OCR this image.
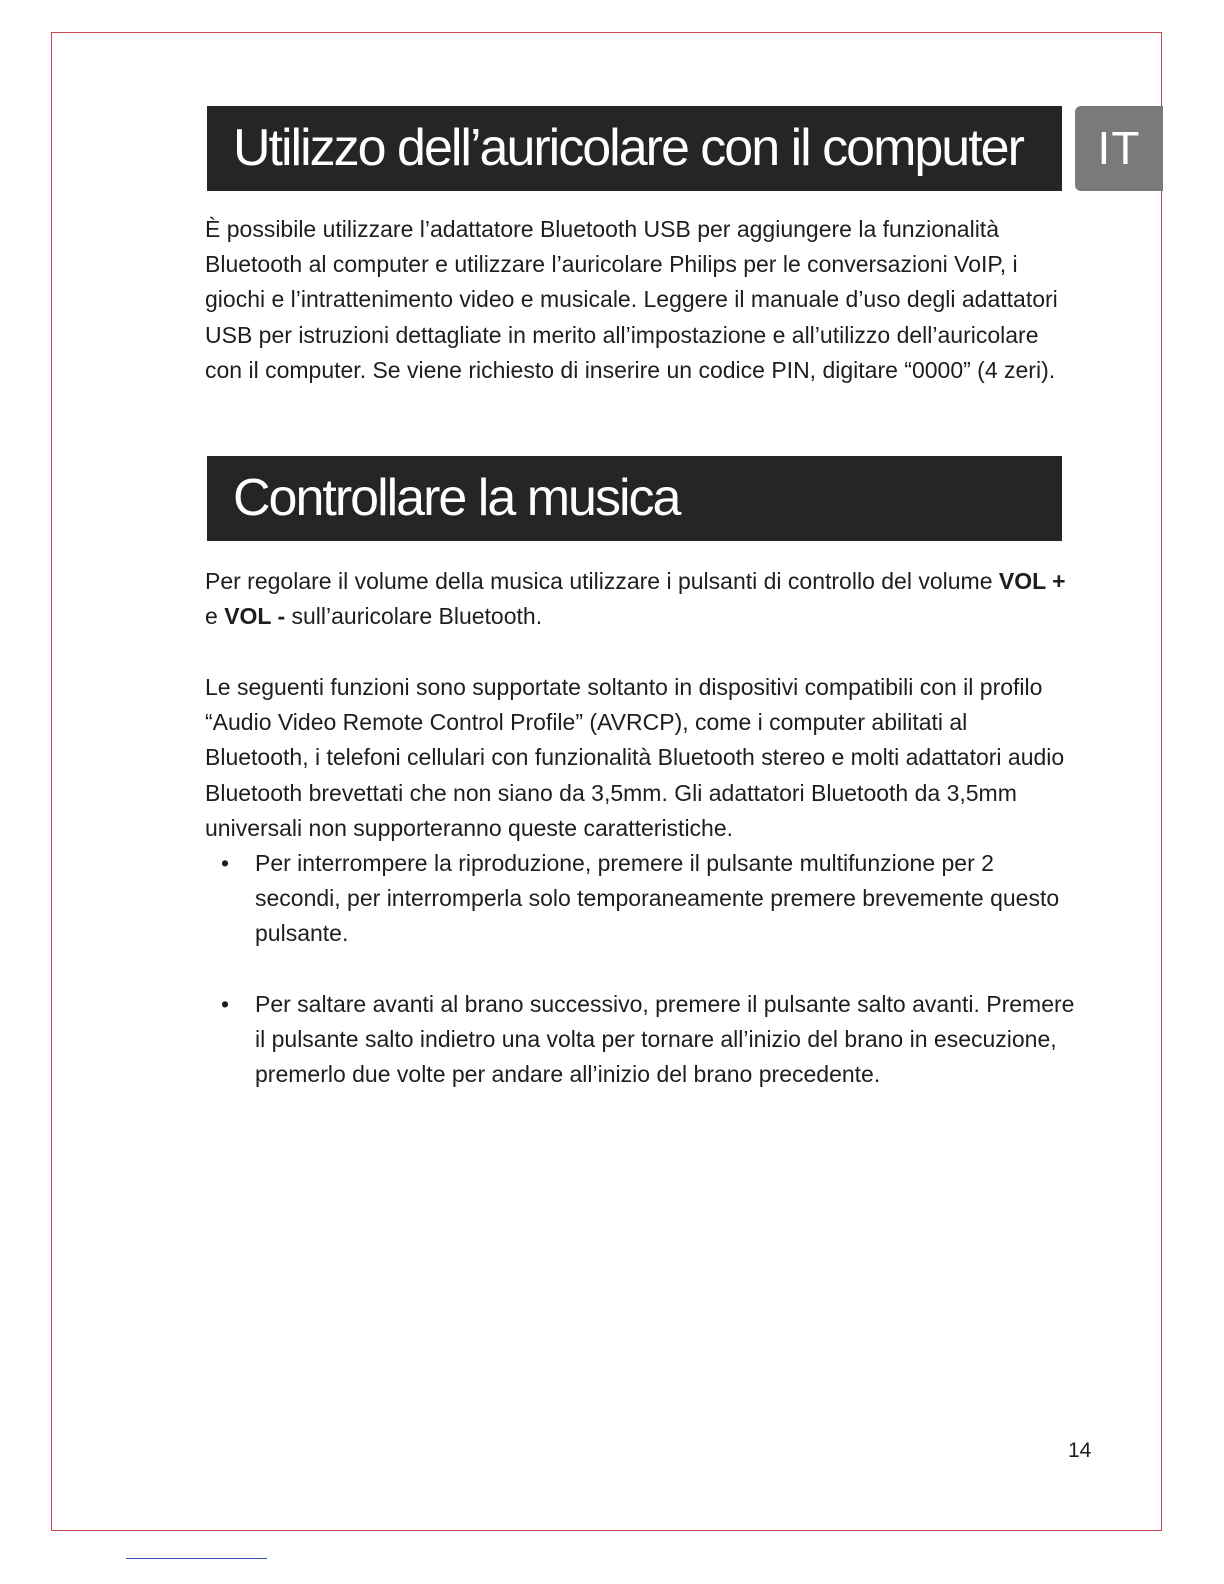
IT
Utilizzo dell’auricolare con il computer

È possibile utilizzare l’adattatore Bluetooth USB per aggiungere la funzionalità Bluetooth al computer e utilizzare l’auricolare Philips per le conversazioni VoIP, i giochi e l’intrattenimento video e musicale. Leggere il manuale d’uso degli adattatori USB per istruzioni dettagliate in merito all’impostazione e all’utilizzo dell’auricolare con il computer. Se viene richiesto di inserire un codice PIN, digitare “0000” (4 zeri).

Controllare la musica

Per regolare il volume della musica utilizzare i pulsanti di controllo del volume VOL + e VOL - sull’auricolare Bluetooth.

Le seguenti funzioni sono supportate soltanto in dispositivi compatibili con il profilo “Audio Video Remote Control Profile” (AVRCP), come i computer abilitati al Bluetooth, i telefoni cellulari con funzionalità Bluetooth stereo e molti adattatori audio Bluetooth brevettati che non siano da 3,5mm. Gli adattatori Bluetooth da 3,5mm universali non supporteranno queste caratteristiche.

•	Per interrompere la riproduzione, premere il pulsante multifunzione per 2 secondi, per interromperla solo temporaneamente premere brevemente questo pulsante.
•	Per saltare avanti al brano successivo, premere il pulsante salto avanti. Premere il pulsante salto indietro una volta per tornare all’inizio del brano in esecuzione, premerlo due volte per andare all’inizio del brano precedente.
14
